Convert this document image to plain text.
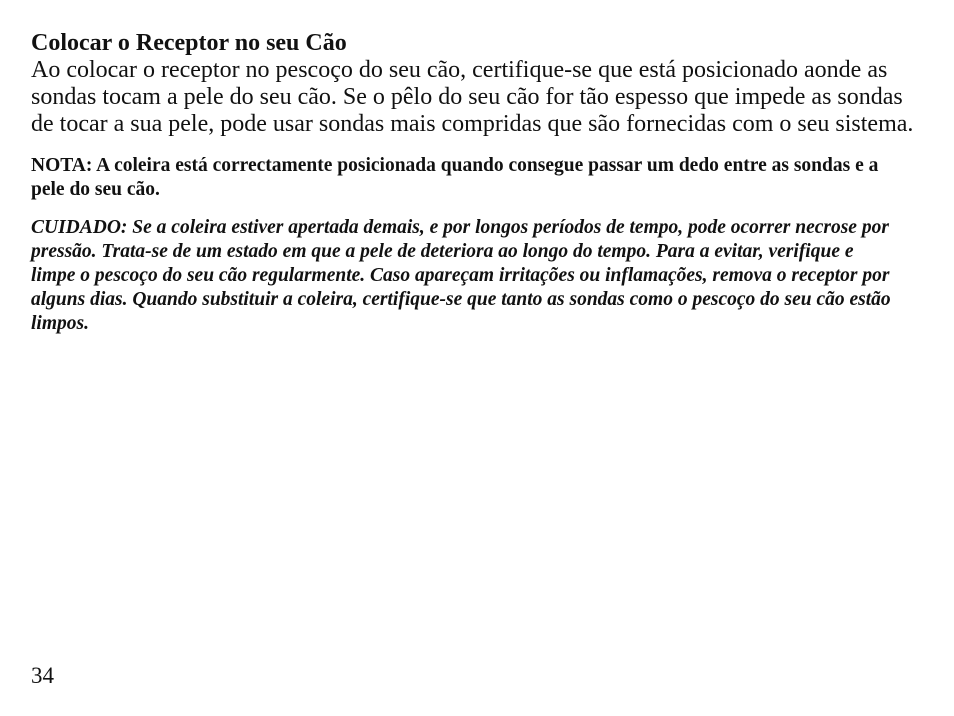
Colocar o Receptor no seu Cão

Ao colocar o receptor no pescoço do seu cão, certifique-se que está posicionado aonde as sondas tocam a pele do seu cão. Se o pêlo do seu cão for tão espesso que impede as sondas de tocar a sua pele, pode usar sondas mais compridas que são fornecidas com o seu sistema.

NOTA: A coleira está correctamente posicionada quando consegue passar um dedo entre as sondas e a pele do seu cão.

CUIDADO: Se a coleira estiver apertada demais, e por longos períodos de tempo, pode ocorrer necrose por pressão. Trata-se de um estado em que a pele de deteriora ao longo do tempo. Para a evitar, verifique e limpe o pescoço do seu cão regularmente. Caso apareçam irritações ou inflamações, remova o receptor por alguns dias. Quando substituir a coleira, certifique-se que tanto as sondas como o pescoço do seu cão estão limpos.

34
